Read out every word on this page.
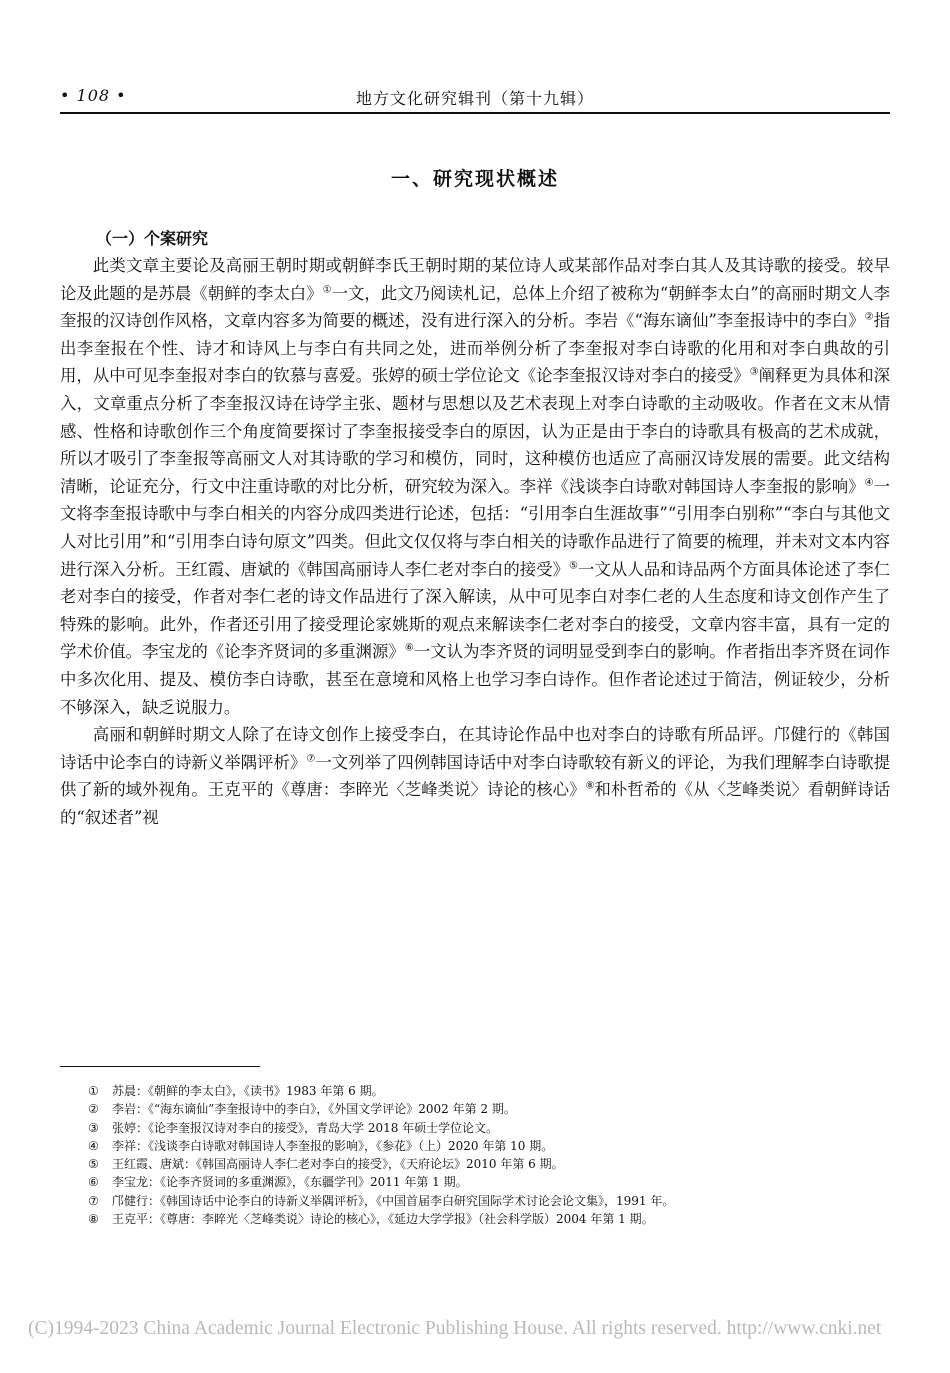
• 108 •	地方文化研究辑刊（第十九辑）
一、研究现状概述
（一）个案研究

此类文章主要论及高丽王朝时期或朝鲜李氏王朝时期的某位诗人或某部作品对李白其人及其诗歌的接受。较早论及此题的是苏晨《朝鲜的李太白》①一文，此文乃阅读札记，总体上介绍了被称为“朝鲜李太白”的高丽时期文人李奎报的汉诗创作风格，文章内容多为简要的概述，没有进行深入的分析。李岩《“海东谪仙”李奎报诗中的李白》②指出李奎报在个性、诗才和诗风上与李白有共同之处，进而举例分析了李奎报对李白诗歌的化用和对李白典故的引用，从中可见李奎报对李白的钦慕与喜爱。张婷的硕士学位论文《论李奎报汉诗对李白的接受》③阐释更为具体和深入，文章重点分析了李奎报汉诗在诗学主张、题材与思想以及艺术表现上对李白诗歌的主动吸收。作者在文末从情感、性格和诗歌创作三个角度简要探讨了李奎报接受李白的原因，认为正是由于李白的诗歌具有极高的艺术成就，所以才吸引了李奎报等高丽文人对其诗歌的学习和模仿，同时，这种模仿也适应了高丽汉诗发展的需要。此文结构清晰，论证充分，行文中注重诗歌的对比分析，研究较为深入。李祥《浅谈李白诗歌对韩国诗人李奎报的影响》④一文将李奎报诗歌中与李白相关的内容分成四类进行论述，包括：“引用李白生涯故事”“引用李白别称”“李白与其他文人对比引用”和“引用李白诗句原文”四类。但此文仅仅将与李白相关的诗歌作品进行了简要的梳理，并未对文本内容进行深入分析。王红霞、唐斌的《韩国高丽诗人李仁老对李白的接受》⑤一文从人品和诗品两个方面具体论述了李仁老对李白的接受，作者对李仁老的诗文作品进行了深入解读，从中可见李白对李仁老的人生态度和诗文创作产生了特殊的影响。此外，作者还引用了接受理论家姚斯的观点来解读李仁老对李白的接受，文章内容丰富，具有一定的学术价值。李宝龙的《论李齐贤词的多重渊源》⑥一文认为李齐贤的词明显受到李白的影响。作者指出李齐贤在词作中多次化用、提及、模仿李白诗歌，甚至在意境和风格上也学习李白诗作。但作者论述过于简洁，例证较少，分析不够深入，缺乏说服力。

高丽和朝鲜时期文人除了在诗文创作上接受李白，在其诗论作品中也对李白的诗歌有所品评。邝健行的《韩国诗话中论李白的诗新义举隅评析》⑦一文列举了四例韩国诗话中对李白诗歌较有新义的评论，为我们理解李白诗歌提供了新的域外视角。王克平的《尊唐：李睟光〈芝峰类说〉诗论的核心》⑧和朴哲希的《从〈芝峰类说〉看朝鲜诗话的“叙述者”视

①	苏晨：《朝鲜的李太白》，《读书》1983 年第 6 期。
②	李岩：《“海东谪仙”李奎报诗中的李白》，《外国文学评论》2002 年第 2 期。
③	张婷：《论李奎报汉诗对李白的接受》，青岛大学 2018 年硕士学位论文。
④	李祥：《浅谈李白诗歌对韩国诗人李奎报的影响》，《参花》（上）2020 年第 10 期。
⑤	王红霞、唐斌：《韩国高丽诗人李仁老对李白的接受》，《天府论坛》2010 年第 6 期。
⑥	李宝龙：《论李齐贤词的多重渊源》，《东疆学刊》2011 年第 1 期。
⑦	邝健行：《韩国诗话中论李白的诗新义举隅评析》，《中国首届李白研究国际学术讨论会论文集》，1991 年。
⑧	王克平：《尊唐：李睟光〈芝峰类说〉诗论的核心》，《延边大学学报》（社会科学版）2004 年第 1 期。
(C)1994-2023 China Academic Journal Electronic Publishing House. All rights reserved. http://www.cnki.net
